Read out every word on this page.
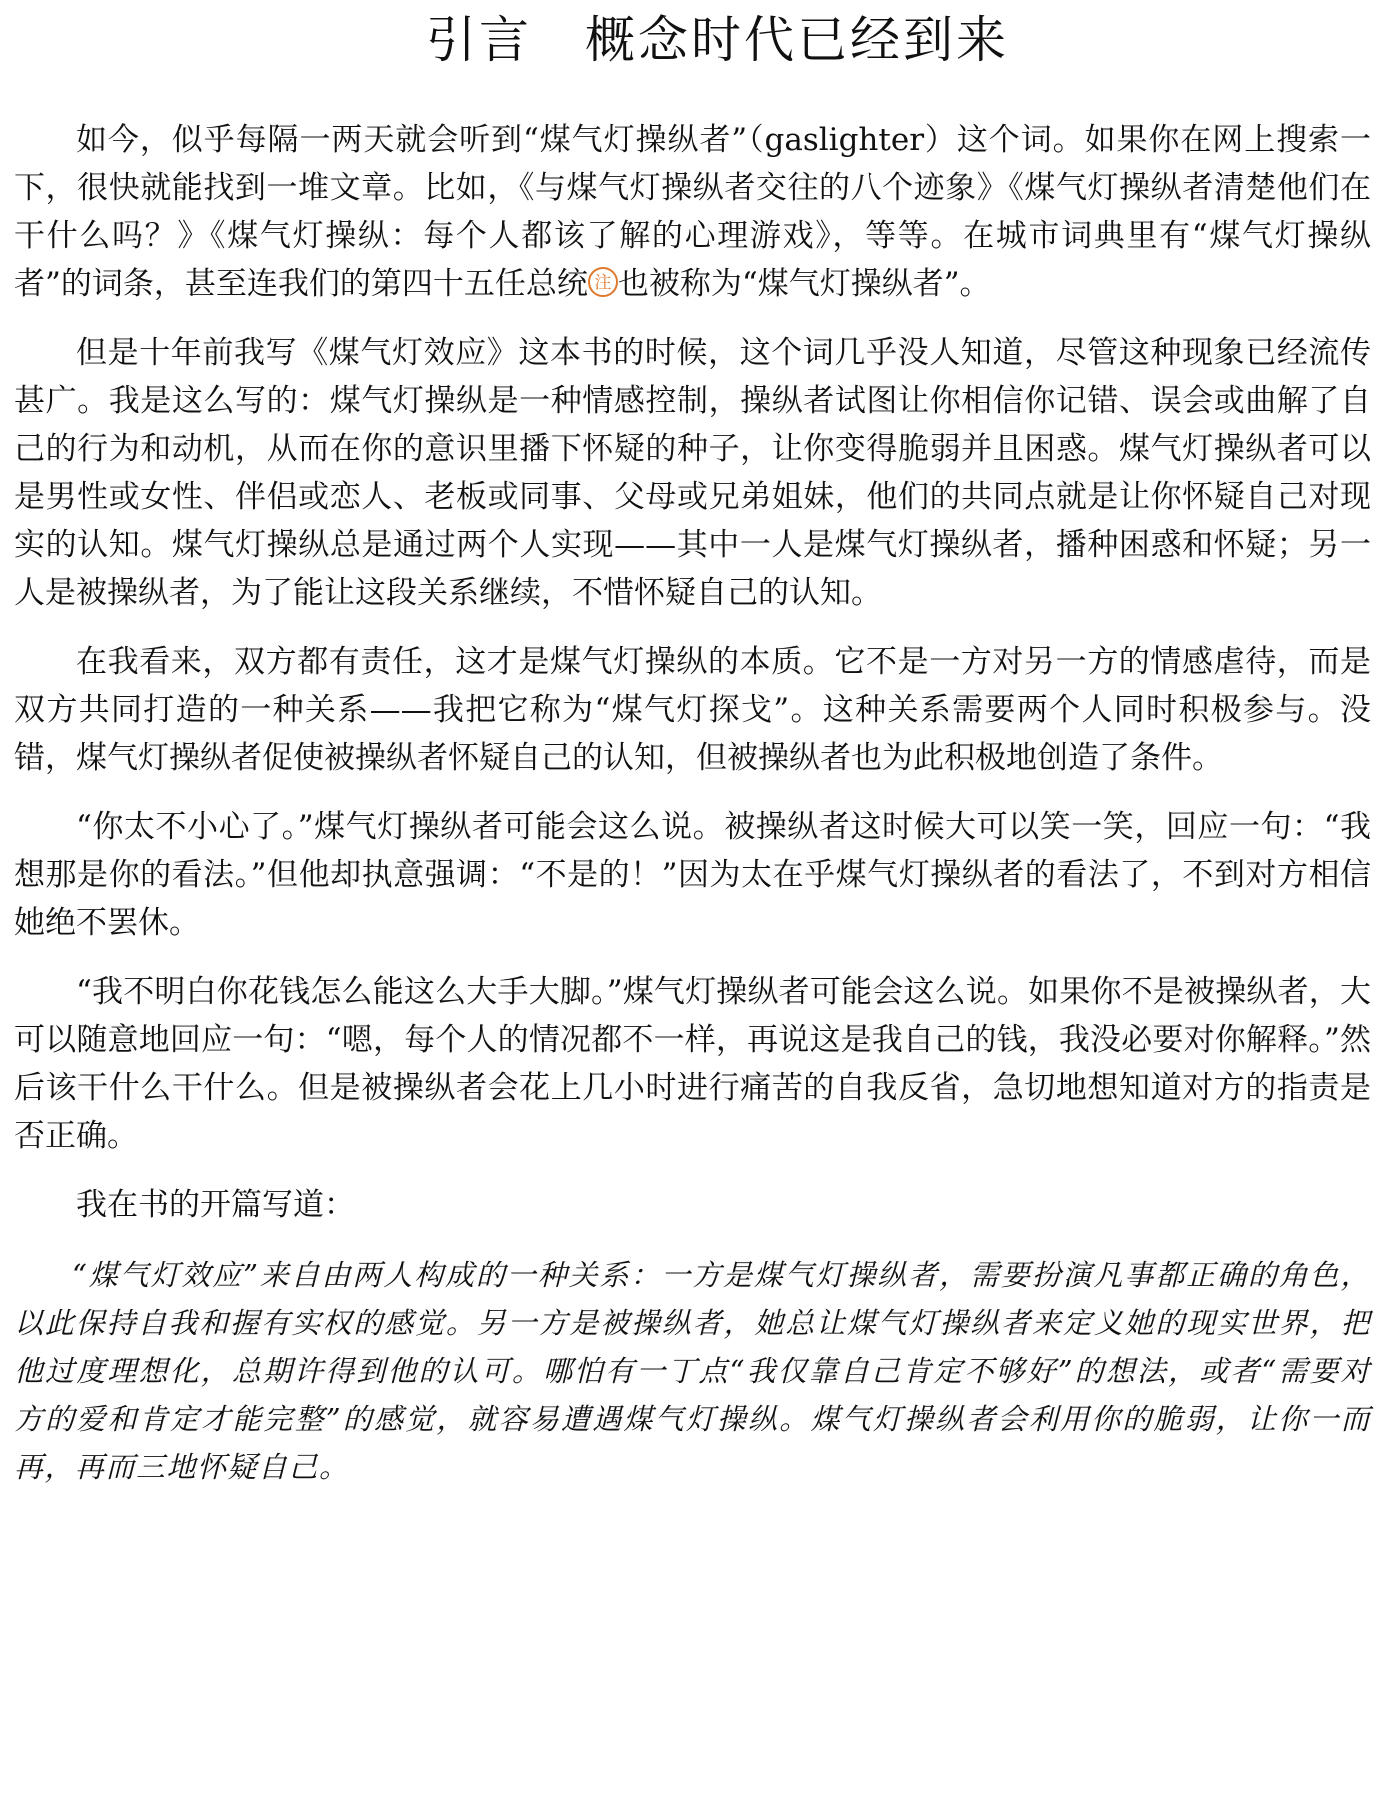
引言　概念时代已经到来

如今，似乎每隔一两天就会听到“煤气灯操纵者”（gaslighter）这个词。如果你在网上搜索一下，很快就能找到一堆文章。比如，《与煤气灯操纵者交往的八个迹象》《煤气灯操纵者清楚他们在干什么吗？》《煤气灯操纵：每个人都该了解的心理游戏》，等等。在城市词典里有“煤气灯操纵者”的词条，甚至连我们的第四十五任总统 注 也被称为“煤气灯操纵者”。

但是十年前我写《煤气灯效应》这本书的时候，这个词几乎没人知道，尽管这种现象已经流传甚广。我是这么写的：煤气灯操纵是一种情感控制，操纵者试图让你相信你记错、误会或曲解了自己的行为和动机，从而在你的意识里播下怀疑的种子，让你变得脆弱并且困惑。煤气灯操纵者可以是男性或女性、伴侣或恋人、老板或同事、父母或兄弟姐妹，他们的共同点就是让你怀疑自己对现实的认知。煤气灯操纵总是通过两个人实现——其中一人是煤气灯操纵者，播种困惑和怀疑；另一人是被操纵者，为了能让这段关系继续，不惜怀疑自己的认知。

在我看来，双方都有责任，这才是煤气灯操纵的本质。它不是一方对另一方的情感虐待，而是双方共同打造的一种关系——我把它称为“煤气灯探戈”。这种关系需要两个人同时积极参与。没错，煤气灯操纵者促使被操纵者怀疑自己的认知，但被操纵者也为此积极地创造了条件。

“你太不小心了。”煤气灯操纵者可能会这么说。被操纵者这时候大可以笑一笑，回应一句：“我想那是你的看法。”但他却执意强调：“不是的！”因为太在乎煤气灯操纵者的看法了，不到对方相信她绝不罢休。

“我不明白你花钱怎么能这么大手大脚。”煤气灯操纵者可能会这么说。如果你不是被操纵者，大可以随意地回应一句：“嗯，每个人的情况都不一样，再说这是我自己的钱，我没必要对你解释。”然后该干什么干什么。但是被操纵者会花上几小时进行痛苦的自我反省，急切地想知道对方的指责是否正确。

我在书的开篇写道：

“煤气灯效应”来自由两人构成的一种关系：一方是煤气灯操纵者，需要扮演凡事都正确的角色，以此保持自我和握有实权的感觉。另一方是被操纵者，她总让煤气灯操纵者来定义她的现实世界，把他过度理想化，总期许得到他的认可。哪怕有一丁点“我仅靠自己肯定不够好”的想法，或者“需要对方的爱和肯定才能完整”的感觉，就容易遭遇煤气灯操纵。煤气灯操纵者会利用你的脆弱，让你一而再，再而三地怀疑自己。
